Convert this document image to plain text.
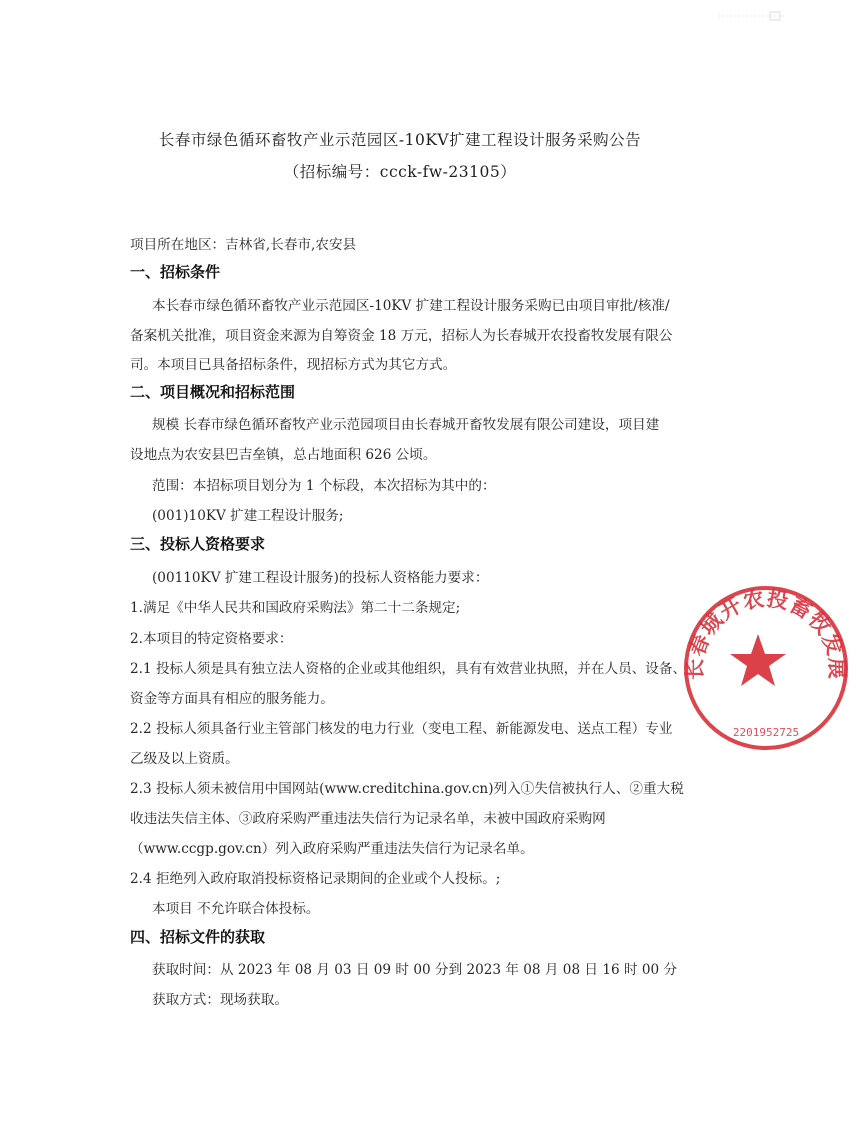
长春市绿色循环畜牧产业示范园区-10KV扩建工程设计服务采购公告
（招标编号：ccck-fw-23105）
项目所在地区：吉林省,长春市,农安县
一、招标条件
本长春市绿色循环畜牧产业示范园区-10KV 扩建工程设计服务采购已由项目审批/核准/
备案机关批准，项目资金来源为自筹资金 18 万元，招标人为长春城开农投畜牧发展有限公
司。本项目已具备招标条件，现招标方式为其它方式。
二、项目概况和招标范围
规模 长春市绿色循环畜牧产业示范园项目由长春城开畜牧发展有限公司建设，项目建
设地点为农安县巴吉垒镇，总占地面积 626 公顷。
范围：本招标项目划分为 1 个标段，本次招标为其中的：
(001)10KV 扩建工程设计服务;
三、投标人资格要求
(00110KV 扩建工程设计服务)的投标人资格能力要求：
1.满足《中华人民共和国政府采购法》第二十二条规定;
2.本项目的特定资格要求：
2.1 投标人须是具有独立法人资格的企业或其他组织，具有有效营业执照，并在人员、设备、
资金等方面具有相应的服务能力。
2.2 投标人须具备行业主管部门核发的电力行业（变电工程、新能源发电、送点工程）专业
乙级及以上资质。
2.3 投标人须未被信用中国网站(www.creditchina.gov.cn)列入①失信被执行人、②重大税
收违法失信主体、③政府采购严重违法失信行为记录名单，未被中国政府采购网
（www.ccgp.gov.cn）列入政府采购严重违法失信行为记录名单。
2.4 拒绝列入政府取消投标资格记录期间的企业或个人投标。;
本项目 不允许联合体投标。
四、招标文件的获取
获取时间：从 2023 年 08 月 03 日 09 时 00 分到 2023 年 08 月 08 日 16 时 00 分
获取方式：现场获取。
长春城开农投畜牧发展
2201952725
